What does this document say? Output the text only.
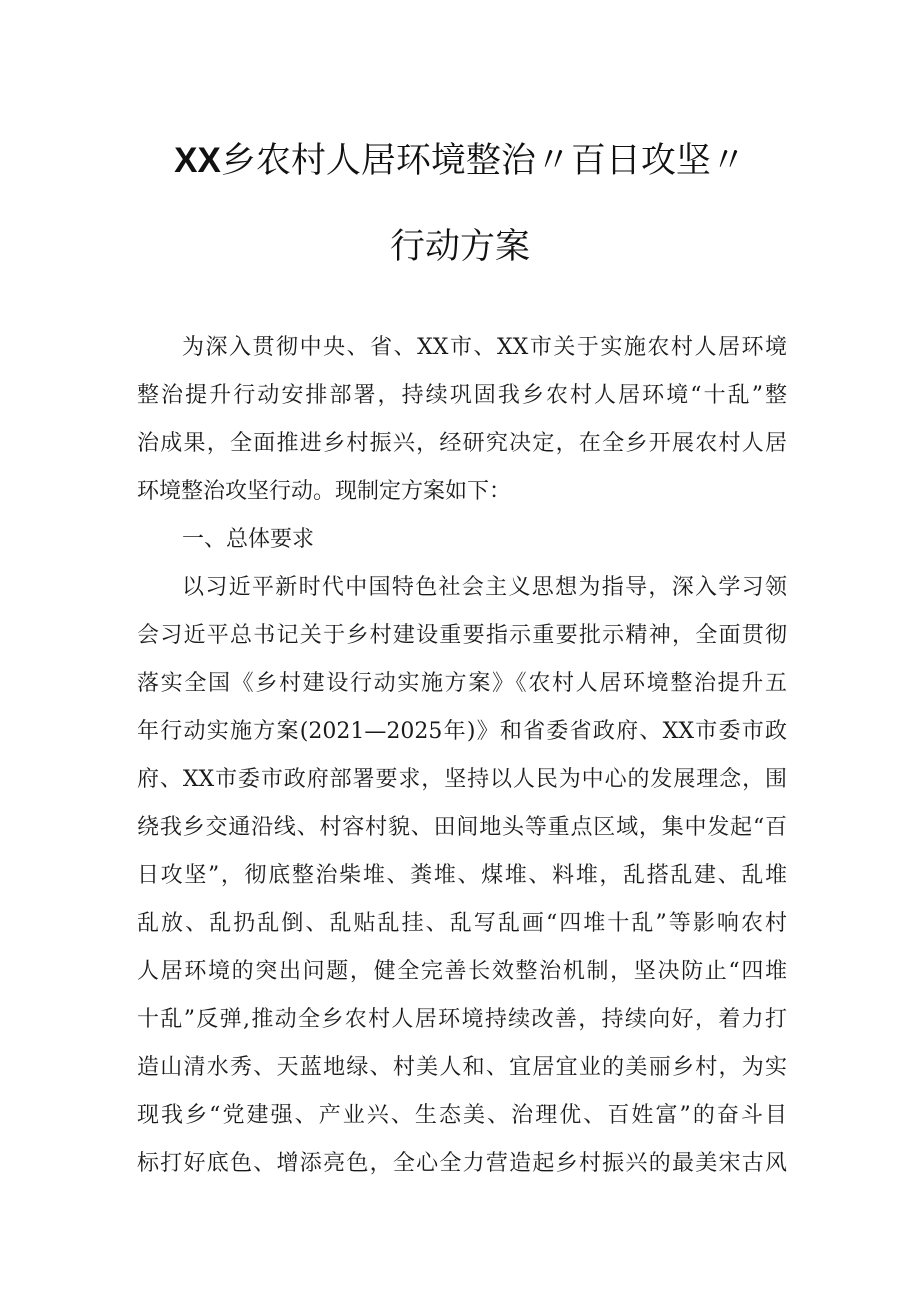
XX乡农村人居环境整治〃百日攻坚〃
行动方案
为深入贯彻中央、省、XX市、XX市关于实施农村人居环境
整治提升行动安排部署，持续巩固我乡农村人居环境“十乱”整
治成果，全面推进乡村振兴，经研究决定，在全乡开展农村人居
环境整治攻坚行动。现制定方案如下：
一、总体要求
以习近平新时代中国特色社会主义思想为指导，深入学习领
会习近平总书记关于乡村建设重要指示重要批示精神，全面贯彻
落实全国《乡村建设行动实施方案》《农村人居环境整治提升五
年行动实施方案(2021—2025年)》和省委省政府、XX市委市政
府、XX市委市政府部署要求，坚持以人民为中心的发展理念，围
绕我乡交通沿线、村容村貌、田间地头等重点区域，集中发起“百
日攻坚”，彻底整治柴堆、粪堆、煤堆、料堆，乱搭乱建、乱堆
乱放、乱扔乱倒、乱贴乱挂、乱写乱画“四堆十乱”等影响农村
人居环境的突出问题，健全完善长效整治机制，坚决防止“四堆
十乱”反弹,推动全乡农村人居环境持续改善，持续向好，着力打
造山清水秀、天蓝地绿、村美人和、宜居宜业的美丽乡村，为实
现我乡“党建强、产业兴、生态美、治理优、百姓富”的奋斗目
标打好底色、增添亮色，全心全力营造起乡村振兴的最美宋古风
